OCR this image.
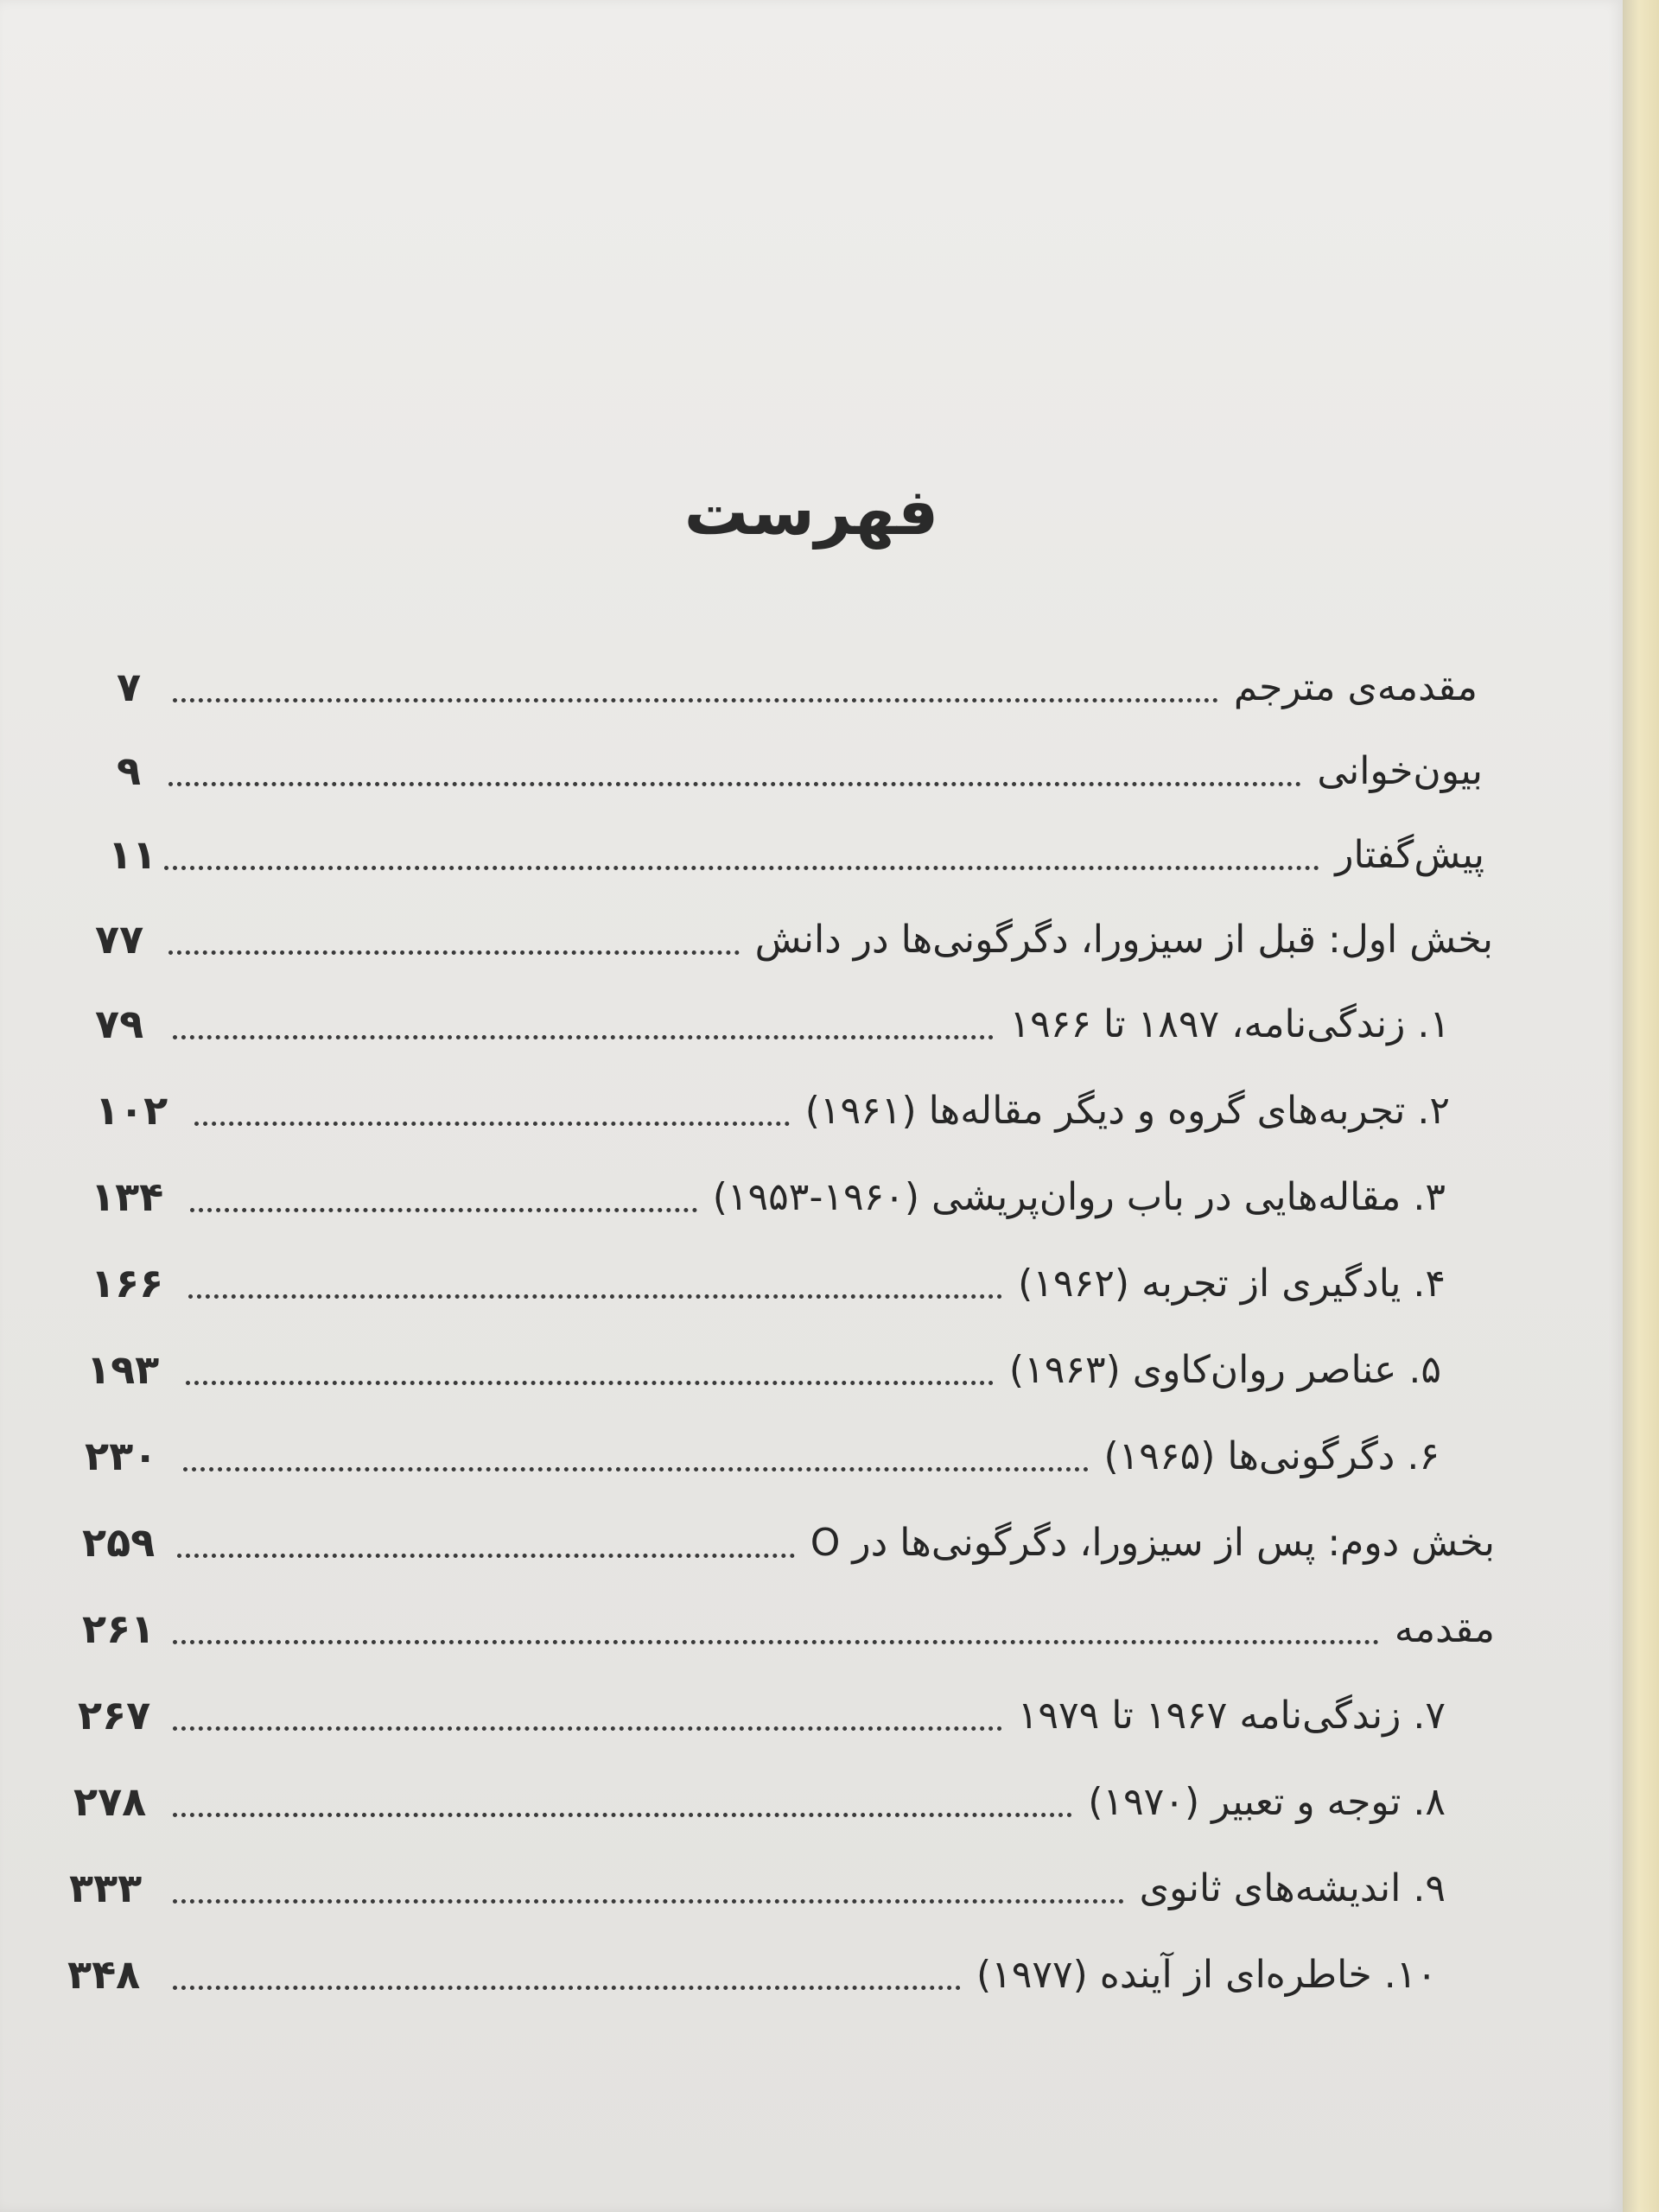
فهرست
مقدمه‌ی مترجم
۷
بیون‌خوانی
۹
پیش‌گفتار
۱۱
بخش اول: قبل از سیزورا، دگرگونی‌ها در دانش
۷۷
۱. زندگی‌نامه، ۱۸۹۷ تا ۱۹۶۶
۷۹
۲. تجربه‌های گروه و دیگر مقاله‌ها (۱۹۶۱)
۱۰۲
۳. مقاله‌هایی در باب روان‌پریشی (۱۹۶۰-۱۹۵۳)
۱۳۴
۴. یادگیری از تجربه (۱۹۶۲)
۱۶۶
۵. عناصر روان‌کاوی (۱۹۶۳)
۱۹۳
۶. دگرگونی‌ها (۱۹۶۵)
۲۳۰
بخش دوم: پس از سیزورا، دگرگونی‌ها در O
۲۵۹
مقدمه
۲۶۱
۷. زندگی‌نامه ۱۹۶۷ تا ۱۹۷۹
۲۶۷
۸. توجه و تعبیر (۱۹۷۰)
۲۷۸
۹. اندیشه‌های ثانوی
۳۳۳
۱۰. خاطره‌ای از آینده (۱۹۷۷)
۳۴۸
